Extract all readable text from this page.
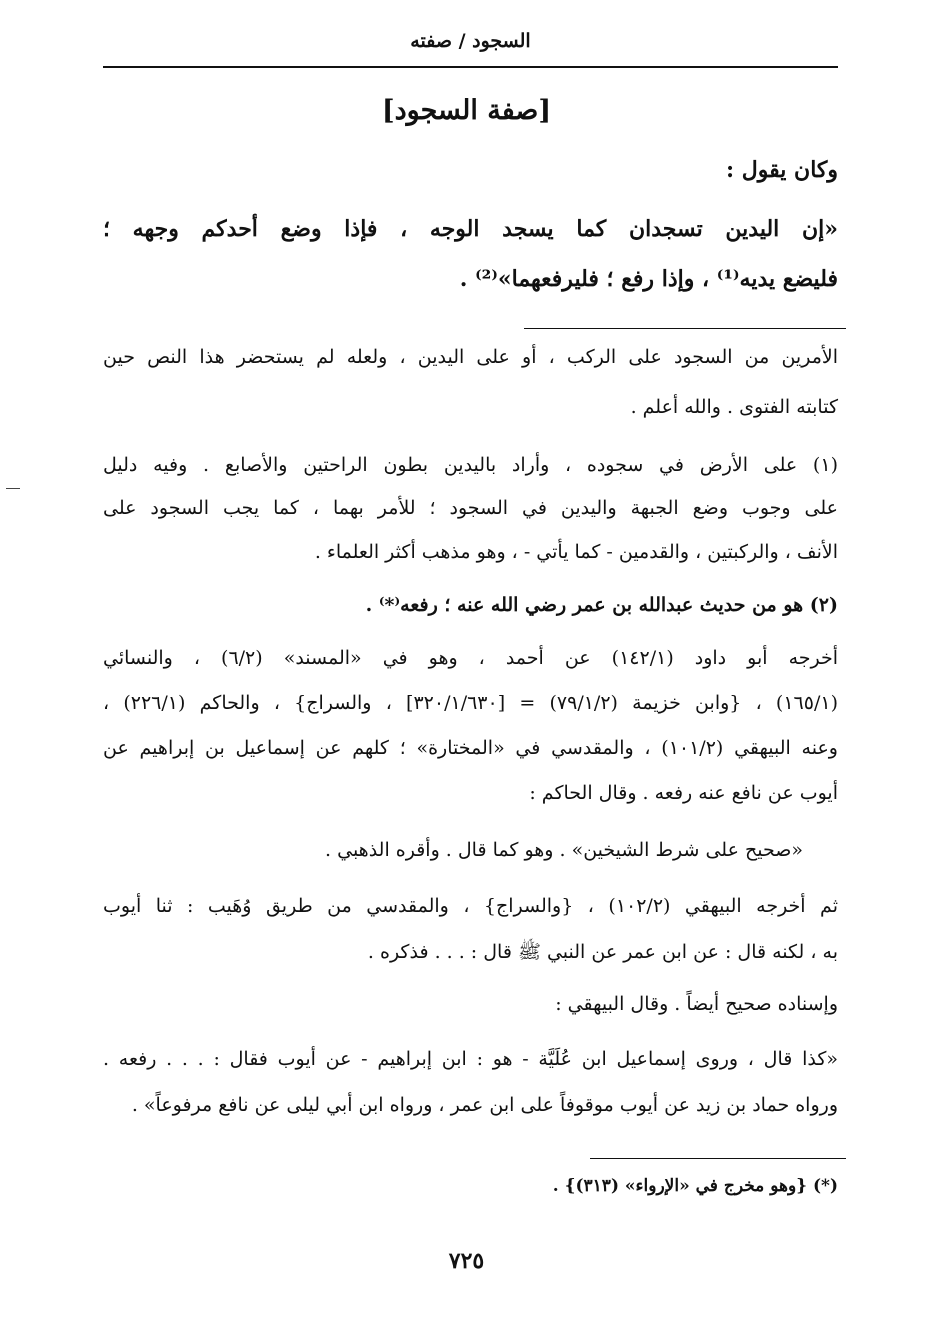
السجود / صفته
[صفة السجود]
وكان يقول :
«إن اليدين تسجدان كما يسجد الوجه ، فإذا وضع أحدكم وجهه ؛
فليضع يديه⁽¹⁾ ، وإذا رفع ؛ فليرفعهما»⁽²⁾ .
الأمرين من السجود على الركب ، أو على اليدين ، ولعله لم يستحضر هذا النص حين
كتابته الفتوى . والله أعلم .
(١) على الأرض في سجوده ، وأراد باليدين بطون الراحتين والأصابع . وفيه دليل
على وجوب وضع الجبهة واليدين في السجود ؛ للأمر بهما ، كما يجب السجود على
الأنف ، والركبتين ، والقدمين - كما يأتي - ، وهو مذهب أكثر العلماء .
(٢) هو من حديث عبدالله بن عمر رضي الله عنه ؛ رفعه⁽*⁾ .
أخرجه أبو داود (١٤٢/١) عن أحمد ، وهو في «المسند» (٦/٢) ، والنسائي
(١٦٥/١) ، {وابن خزيمة (٧٩/١/٢) = [٣٢٠/١/٦٣٠] ، والسراج} ، والحاكم (٢٢٦/١) ،
وعنه البيهقي (١٠١/٢) ، والمقدسي في «المختارة» ؛ كلهم عن إسماعيل بن إبراهيم عن
أيوب عن نافع عنه رفعه . وقال الحاكم :
«صحيح على شرط الشيخين» . وهو كما قال . وأقره الذهبي .
ثم أخرجه البيهقي (١٠٢/٢) ، {والسراج} ، والمقدسي من طريق وُهَيب : ثنا أيوب
به ، لكنه قال : عن ابن عمر عن النبي ﷺ قال : . . . فذكره .
وإسناده صحيح أيضاً . وقال البيهقي :
«كذا قال ، وروى إسماعيل ابن عُلَيَّة - هو : ابن إبراهيم - عن أيوب فقال : . . . رفعه .
ورواه حماد بن زيد عن أيوب موقوفاً على ابن عمر ، ورواه ابن أبي ليلى عن نافع مرفوعاً» .
(*) {وهو مخرج في «الإرواء» (٣١٣)} .
٧٢٥
